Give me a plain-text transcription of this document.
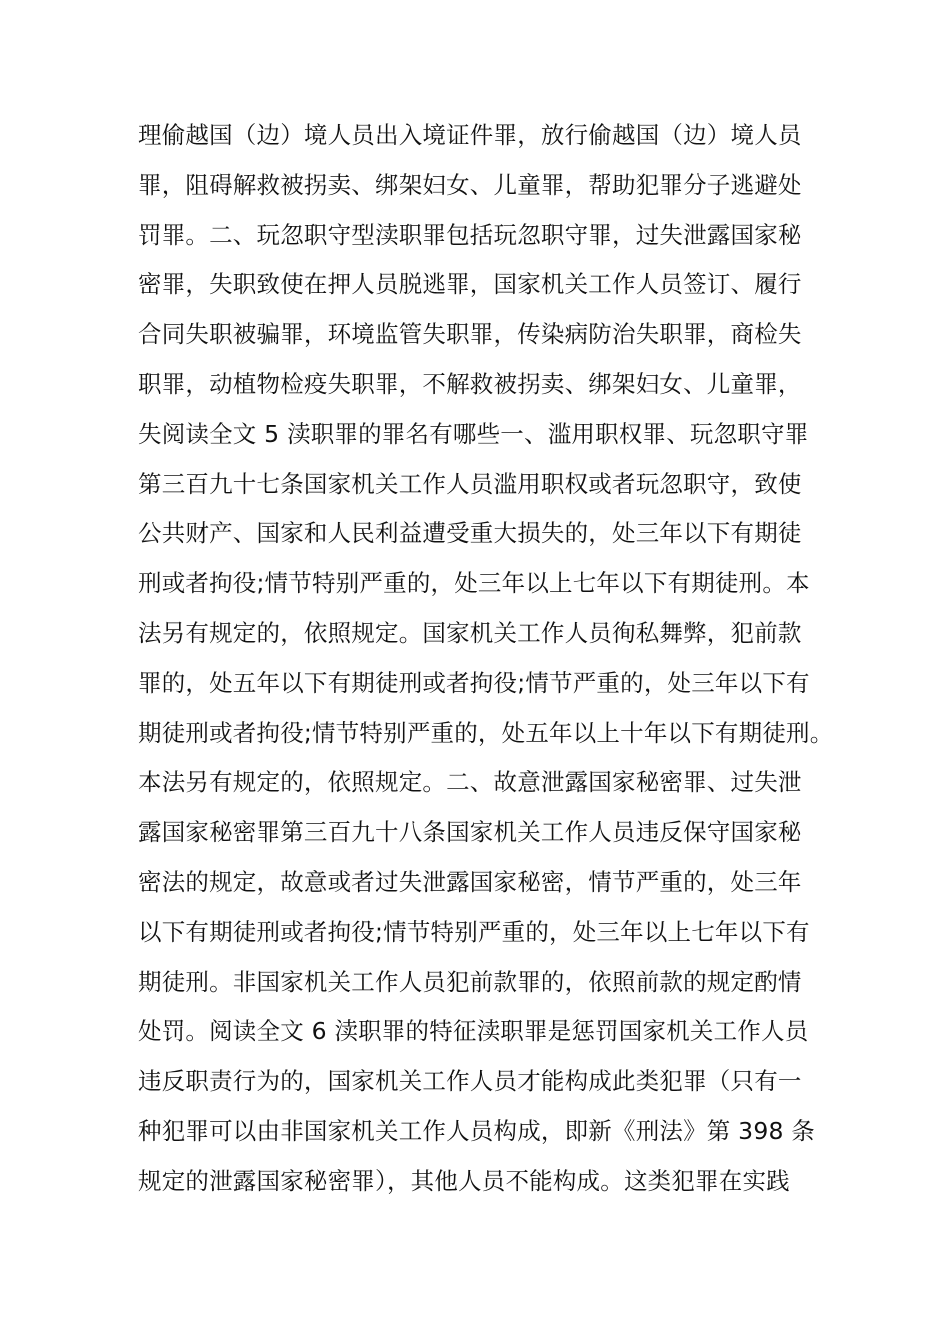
理偷越国（边）境人员出入境证件罪，放行偷越国（边）境人员
罪，阻碍解救被拐卖、绑架妇女、儿童罪，帮助犯罪分子逃避处
罚罪。二、玩忽职守型渎职罪包括玩忽职守罪，过失泄露国家秘
密罪，失职致使在押人员脱逃罪，国家机关工作人员签订、履行
合同失职被骗罪，环境监管失职罪，传染病防治失职罪，商检失
职罪，动植物检疫失职罪，不解救被拐卖、绑架妇女、儿童罪，
失阅读全文 5 渎职罪的罪名有哪些一、滥用职权罪、玩忽职守罪
第三百九十七条国家机关工作人员滥用职权或者玩忽职守，致使
公共财产、国家和人民利益遭受重大损失的，处三年以下有期徒
刑或者拘役;情节特别严重的，处三年以上七年以下有期徒刑。本
法另有规定的，依照规定。国家机关工作人员徇私舞弊，犯前款
罪的，处五年以下有期徒刑或者拘役;情节严重的，处三年以下有
期徒刑或者拘役;情节特别严重的，处五年以上十年以下有期徒刑。
本法另有规定的，依照规定。二、故意泄露国家秘密罪、过失泄
露国家秘密罪第三百九十八条国家机关工作人员违反保守国家秘
密法的规定，故意或者过失泄露国家秘密，情节严重的，处三年
以下有期徒刑或者拘役;情节特别严重的，处三年以上七年以下有
期徒刑。非国家机关工作人员犯前款罪的，依照前款的规定酌情
处罚。阅读全文 6 渎职罪的特征渎职罪是惩罚国家机关工作人员
违反职责行为的，国家机关工作人员才能构成此类犯罪（只有一
种犯罪可以由非国家机关工作人员构成，即新《刑法》第 398 条
规定的泄露国家秘密罪），其他人员不能构成。这类犯罪在实践
